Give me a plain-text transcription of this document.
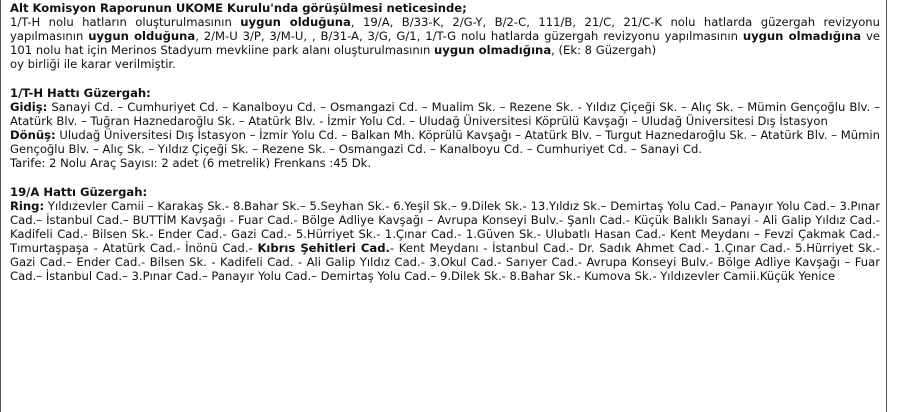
Alt Komisyon Raporunun UKOME Kurulu'nda görüşülmesi neticesinde;
1/T-H nolu hatların oluşturulmasının uygun olduğuna, 19/A, B/33-K, 2/G-Y, B/2-C, 111/B, 21/C, 21/C-K nolu hatlarda güzergah revizyonu yapılmasının uygun olduğuna, 2/M-U 3/P, 3/M-U, , B/31-A, 3/G, G/1, 1/T-G nolu hatlarda güzergah revizyonu yapılmasının uygun olmadığına ve 101 nolu hat için Merinos Stadyum mevkiine park alanı oluşturulmasının uygun olmadığına, (Ek: 8 Güzergah)
oy birliği ile karar verilmiştir.
1/T-H Hattı Güzergah:
Gidiş: Sanayi Cd. – Cumhuriyet Cd. – Kanalboyu Cd. – Osmangazi Cd. – Mualim Sk. – Rezene Sk. - Yıldız Çiçeği Sk. – Alıç Sk. – Mümin Gençoğlu Blv. – Atatürk Blv. – Tuğran Haznedaroğlu Sk. – Atatürk Blv. - İzmir Yolu Cd. – Uludağ Üniversitesi Köprülü Kavşağı – Uludağ Üniversitesi Dış İstasyon
Dönüş: Uludağ Üniversitesi Dış İstasyon – İzmir Yolu Cd. – Balkan Mh. Köprülü Kavşağı – Atatürk Blv. – Turgut Haznedaroğlu Sk. – Atatürk Blv. – Mümin Gençoğlu Blv. – Alıç Sk. – Yıldız Çiçeği Sk. – Rezene Sk. – Osmangazi Cd. – Kanalboyu Cd. – Cumhuriyet Cd. – Sanayi Cd.
Tarife: 2 Nolu Araç Sayısı: 2 adet (6 metrelik) Frenkans :45 Dk.
19/A Hattı Güzergah:
Ring: Yıldızevler Camii – Karakaş Sk.- 8.Bahar Sk.– 5.Seyhan Sk.- 6.Yeşil Sk.– 9.Dilek Sk.- 13.Yıldız Sk.– Demirtaş Yolu Cad.– Panayır Yolu Cad.– 3.Pınar Cad.– İstanbul Cad.– BUTTİM Kavşağı - Fuar Cad.- Bölge Adliye Kavşağı – Avrupa Konseyi Bulv.- Şanlı Cad.- Küçük Balıklı Sanayi - Ali Galip Yıldız Cad.- Kadifeli Cad.- Bilsen Sk.- Ender Cad.- Gazi Cad.- 5.Hürriyet Sk.- 1.Çınar Cad.- 1.Güven Sk.- Ulubatlı Hasan Cad.- Kent Meydanı – Fevzi Çakmak Cad.- Tımurtaşpaşa - Atatürk Cad.- İnönü Cad.- Kıbrıs Şehitleri Cad.- Kent Meydanı - İstanbul Cad.- Dr. Sadık Ahmet Cad.- 1.Çınar Cad.- 5.Hürriyet Sk.- Gazi Cad.– Ender Cad.- Bilsen Sk. - Kadifeli Cad. - Ali Galip Yıldız Cad.- 3.Okul Cad.- Sarıyer Cad.- Avrupa Konseyi Bulv.- Bölge Adliye Kavşağı – Fuar Cad.– İstanbul Cad.– 3.Pınar Cad.– Panayır Yolu Cad.– Demirtaş Yolu Cad.– 9.Dilek Sk.- 8.Bahar Sk.- Kumova Sk.- Yıldızevler Camii.Küçük Yenice
